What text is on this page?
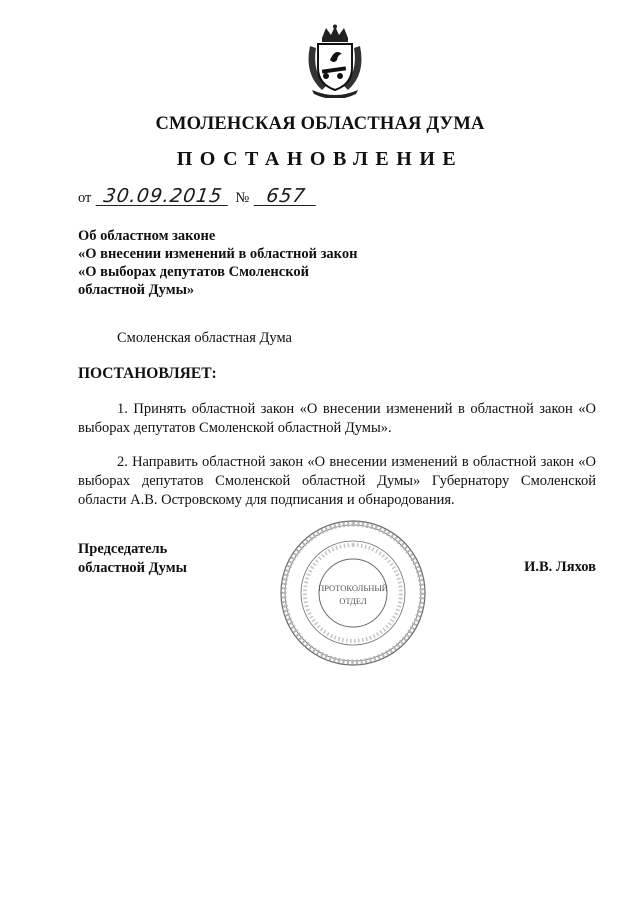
СМОЛЕНСКАЯ ОБЛАСТНАЯ ДУМА
ПОСТАНОВЛЕНИЕ
от 30.09.2015 № 657
Об областном законе
«О внесении изменений в областной закон
«О выборах депутатов Смоленской
областной Думы»
Смоленская областная Дума
ПОСТАНОВЛЯЕТ:
1. Принять областной закон «О внесении изменений в областной закон «О выборах депутатов Смоленской областной Думы».
2. Направить областной закон «О внесении изменений в областной закон «О выборах депутатов Смоленской областной Думы» Губернатору Смоленской области А.В. Островскому для подписания и обнародования.
Председатель
областной Думы	И.В. Ляхов
ПРОТОКОЛЬНЫЙ
ОТДЕЛ
